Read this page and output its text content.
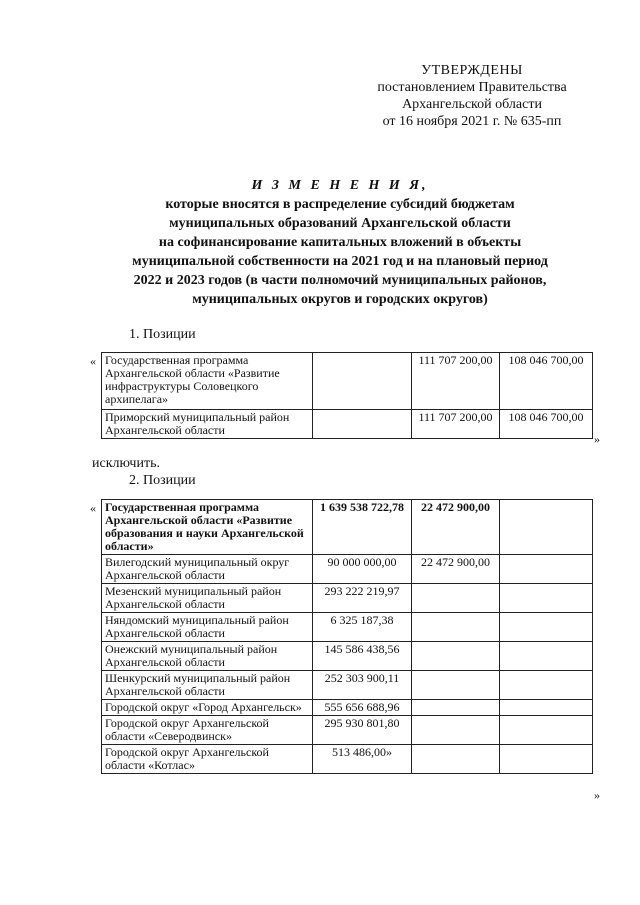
УТВЕРЖДЕНЫ
постановлением Правительства
Архангельской области
от 16 ноября 2021 г. № 635-пп
И З М Е Н Е Н И Я,
которые вносятся в распределение субсидий бюджетам
муниципальных образований Архангельской области
на софинансирование капитальных вложений в объекты
муниципальной собственности на 2021 год и на плановый период
2022 и 2023 годов (в части полномочий муниципальных районов,
муниципальных округов и городских округов)
1. Позиции
« Государственная программа Архангельской области «Развитие инфраструктуры Соловецкого архипелага»		111 707 200,00	108 046 700,00
Приморский муниципальный район Архангельской области		111 707 200,00	108 046 700,00
»
исключить.
2. Позиции
« Государственная программа Архангельской области «Развитие образования и науки Архангельской области»	1 639 538 722,78	22 472 900,00	
Вилегодский муниципальный округ Архангельской области	90 000 000,00	22 472 900,00	
Мезенский муниципальный район Архангельской области	293 222 219,97		
Няндомский муниципальный район Архангельской области	6 325 187,38		
Онежский муниципальный район Архангельской области	145 586 438,56		
Шенкурский муниципальный район Архангельской области	252 303 900,11		
Городской округ «Город Архангельск»	555 656 688,96		
Городской округ Архангельской области «Северодвинск»	295 930 801,80		
Городской округ Архангельской области «Котлас»	513 486,00»		
»
